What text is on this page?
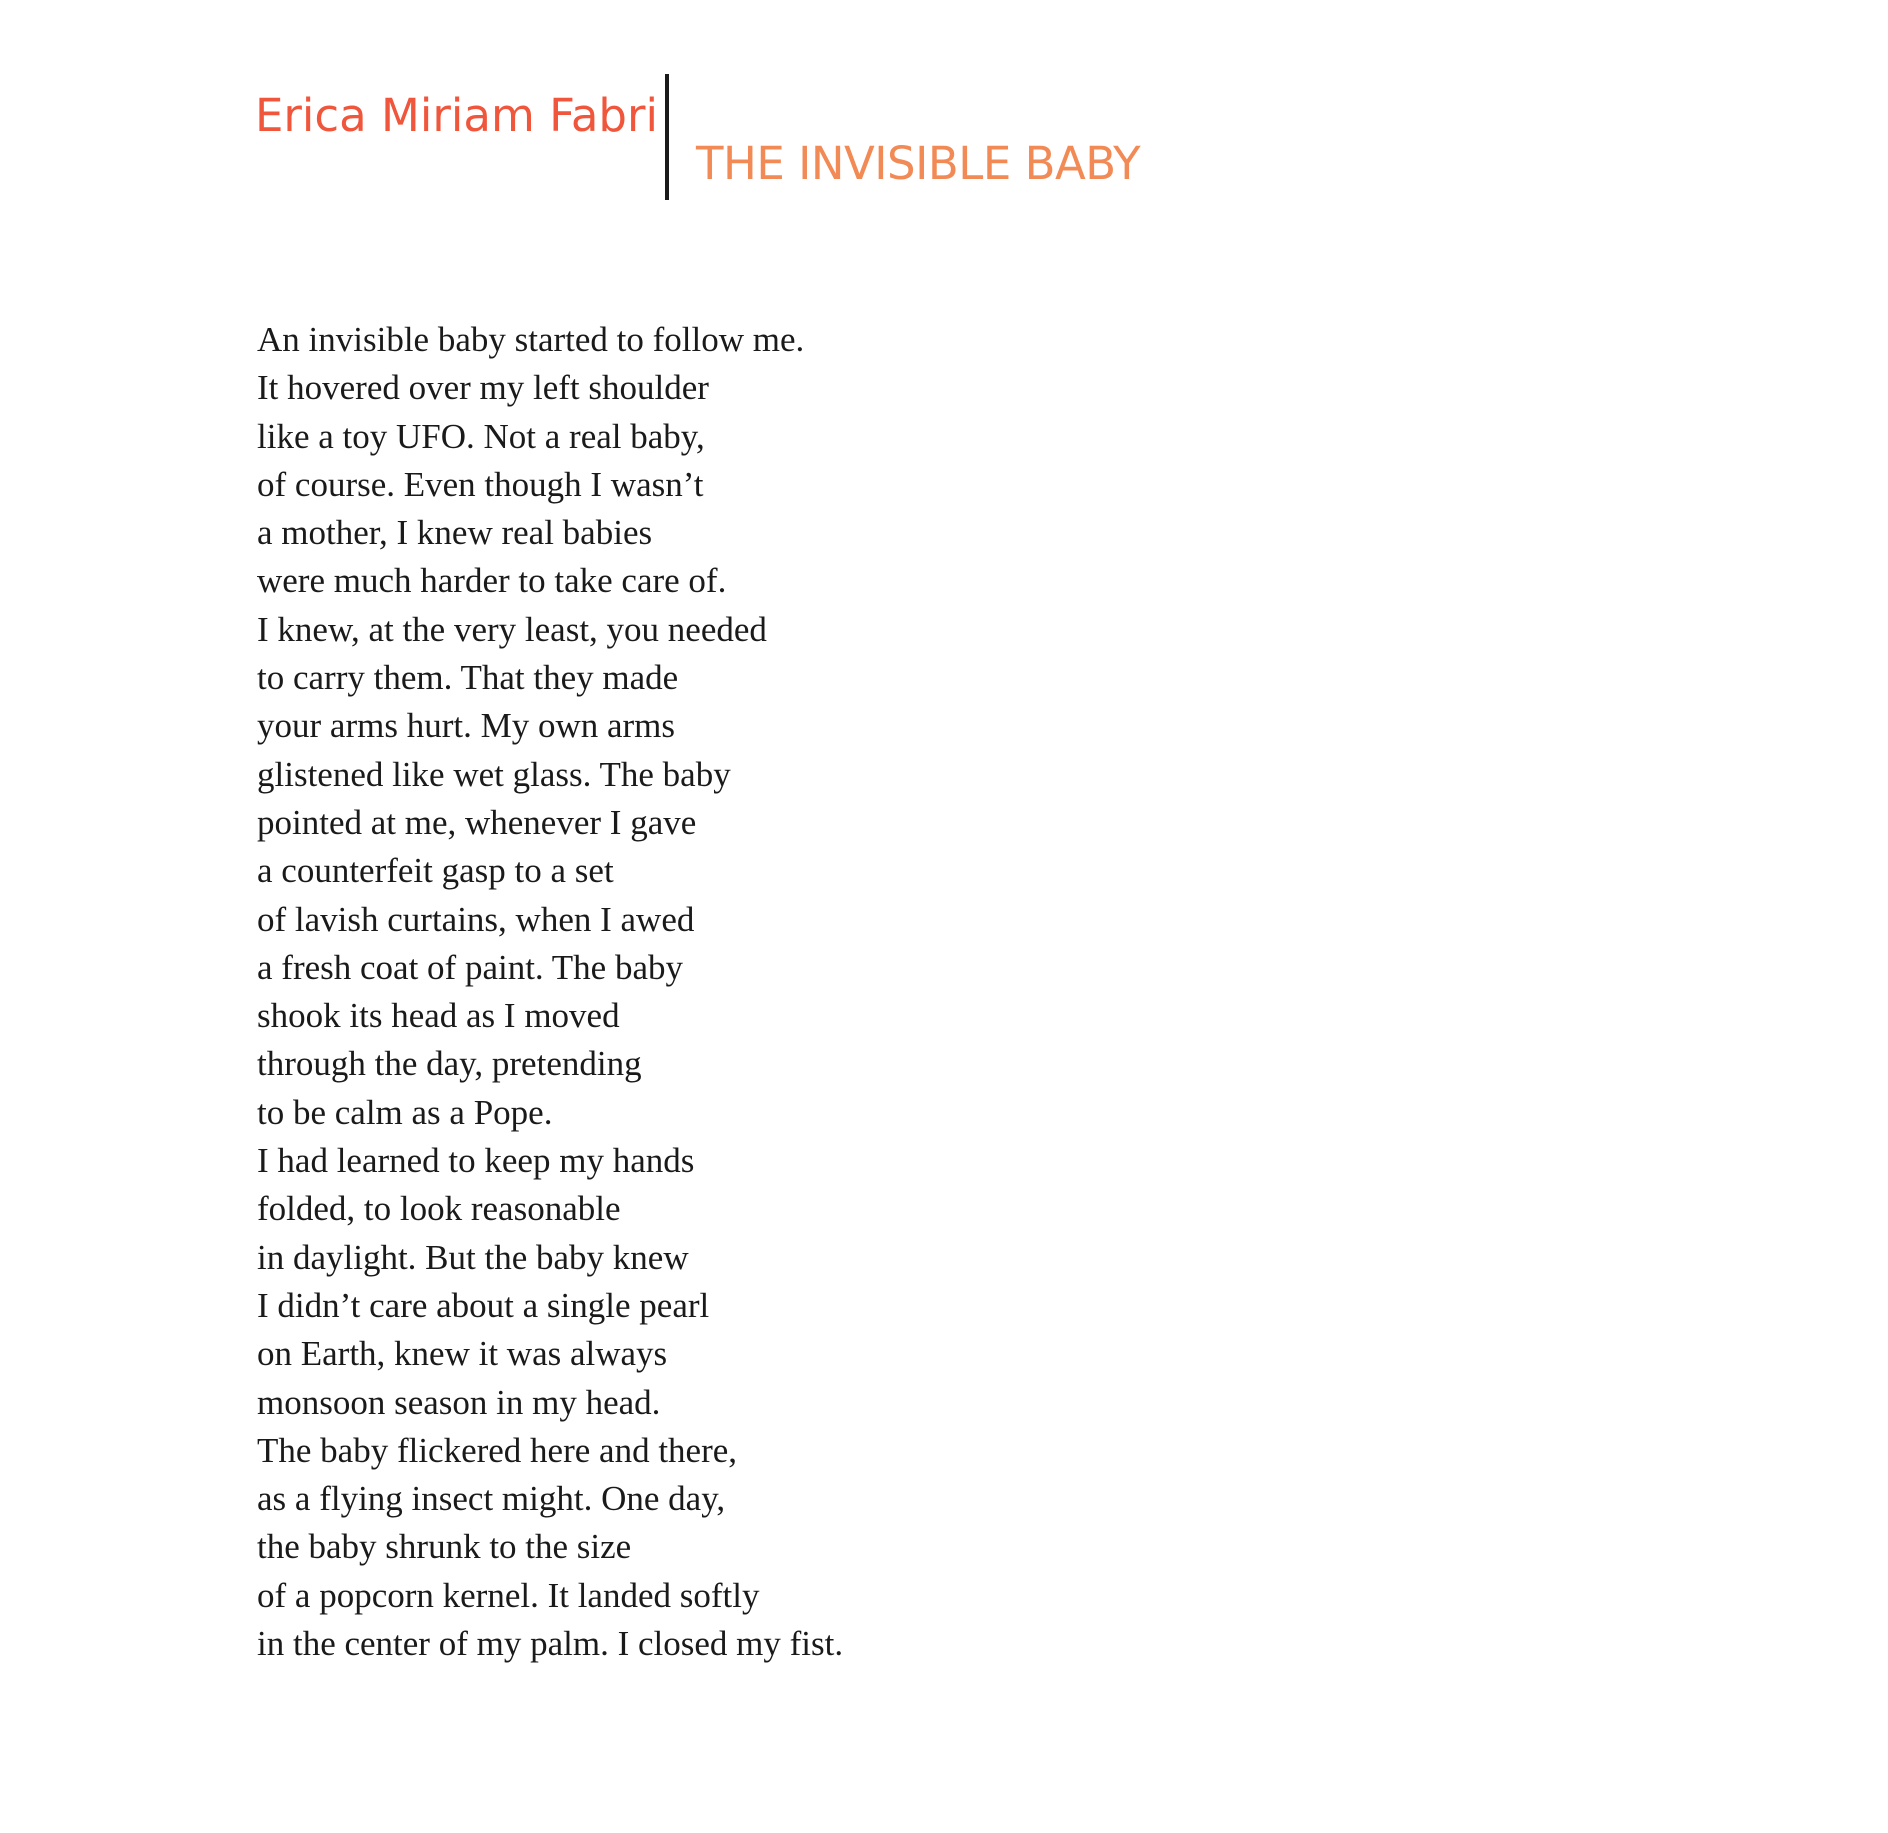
Erica Miriam Fabri
THE INVISIBLE BABY
An invisible baby started to follow me.
It hovered over my left shoulder
like a toy UFO. Not a real baby,
of course. Even though I wasn’t
a mother, I knew real babies
were much harder to take care of.
I knew, at the very least, you needed
to carry them. That they made
your arms hurt. My own arms
glistened like wet glass. The baby
pointed at me, whenever I gave
a counterfeit gasp to a set
of lavish curtains, when I awed
a fresh coat of paint. The baby
shook its head as I moved
through the day, pretending
to be calm as a Pope.
I had learned to keep my hands
folded, to look reasonable
in daylight. But the baby knew
I didn’t care about a single pearl
on Earth, knew it was always
monsoon season in my head.
The baby flickered here and there,
as a flying insect might. One day,
the baby shrunk to the size
of a popcorn kernel. It landed softly
in the center of my palm. I closed my fist.
